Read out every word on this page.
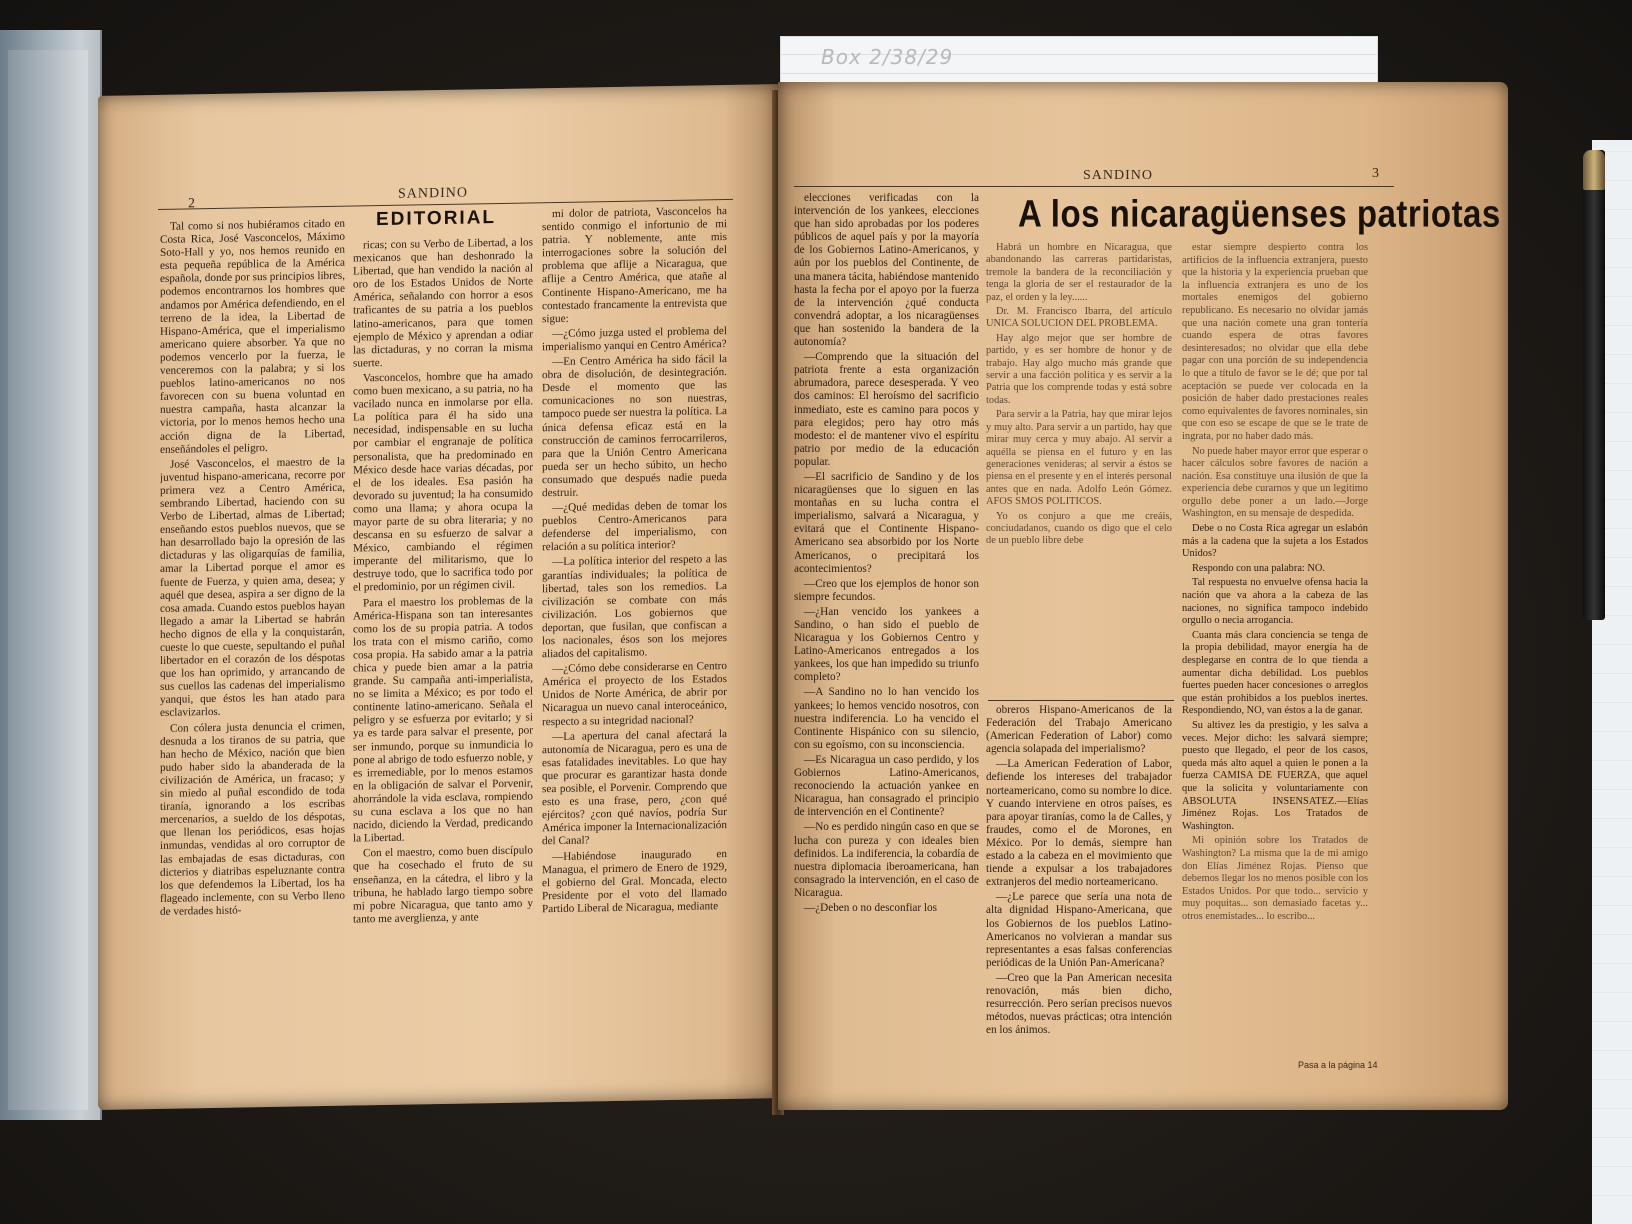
Box 2/38/29
2
SANDINO

Tal como si nos hubiéramos citado en Costa Rica, José Vasconcelos, Máximo Soto-Hall y yo, nos hemos reunido en esta pequeña república de la América española, donde por sus principios libres, podemos encontrarnos los hombres que andamos por América defendiendo, en el terreno de la idea, la Libertad de Hispano-América, que el imperialismo americano quiere absorber. Ya que no podemos vencerlo por la fuerza, le venceremos con la palabra; y si los pueblos latino-americanos no nos favorecen con su buena voluntad en nuestra campaña, hasta alcanzar la victoria, por lo menos hemos hecho una acción digna de la Libertad, enseñándoles el peligro.

José Vasconcelos, el maestro de la juventud hispano-americana, recorre por primera vez a Centro América, sembrando Libertad, haciendo con su Verbo de Libertad, almas de Libertad; enseñando estos pueblos nuevos, que se han desarrollado bajo la opresión de las dictaduras y las oligarquías de familia, amar la Libertad porque el amor es fuente de Fuerza, y quien ama, desea; y aquél que desea, aspira a ser digno de la cosa amada. Cuando estos pueblos hayan llegado a amar la Libertad se habrán hecho dignos de ella y la conquistarán, cueste lo que cueste, sepultando el puñal libertador en el corazón de los déspotas que los han oprimido, y arrancando de sus cuellos las cadenas del imperialismo yanqui, que éstos les han atado para esclavizarlos.

Con cólera justa denuncia el crimen, desnuda a los tiranos de su patria, que han hecho de México, nación que bien pudo haber sido la abanderada de la civilización de América, un fracaso; y sin miedo al puñal escondido de toda tiranía, ignorando a los escribas mercenarios, a sueldo de los déspotas, que llenan los periódicos, esas hojas inmundas, vendidas al oro corruptor de las embajadas de esas dictaduras, con dicterios y diatribas espeluznante contra los que defendemos la Libertad, los ha flageado inclemente, con su Verbo lleno de verdades histó-

EDITORIAL

ricas; con su Verbo de Libertad, a los mexicanos que han deshonrado la Libertad, que han vendido la nación al oro de los Estados Unidos de Norte América, señalando con horror a esos traficantes de su patria a los pueblos latino-americanos, para que tomen ejemplo de México y aprendan a odiar las dictaduras, y no corran la misma suerte.

Vasconcelos, hombre que ha amado como buen mexicano, a su patria, no ha vacilado nunca en inmolarse por ella. La política para él ha sido una necesidad, indispensable en su lucha por cambiar el engranaje de política personalista, que ha predominado en México desde hace varias décadas, por el de los ideales. Esa pasión ha devorado su juventud; la ha consumido como una llama; y ahora ocupa la mayor parte de su obra literaria; y no descansa en su esfuerzo de salvar a México, cambiando el régimen imperante del militarismo, que lo destruye todo, que lo sacrifica todo por el predominio, por un régimen civil.

Para el maestro los problemas de la América-Hispana son tan interesantes como los de su propia patria. A todos los trata con el mismo cariño, como cosa propia. Ha sabido amar a la patria chica y puede bien amar a la patria grande. Su campaña anti-imperialista, no se limita a México; es por todo el continente latino-americano. Señala el peligro y se esfuerza por evitarlo; y si ya es tarde para salvar el presente, por ser inmundo, porque su inmundicia lo pone al abrigo de todo esfuerzo noble, y es irremediable, por lo menos estamos en la obligación de salvar el Porvenir, ahorrándole la vida esclava, rompiendo su cuna esclava a los que no han nacido, diciendo la Verdad, predicando la Libertad.

Con el maestro, como buen discípulo que ha cosechado el fruto de su enseñanza, en la cátedra, el libro y la tribuna, he hablado largo tiempo sobre mi pobre Nicaragua, que tanto amo y tanto me averglienza, y ante

mi dolor de patriota, Vasconcelos ha sentido conmigo el infortunio de mi patria. Y noblemente, ante mis interrogaciones sobre la solución del problema que aflije a Nicaragua, que aflije a Centro América, que atañe al Continente Hispano-Americano, me ha contestado francamente la entrevista que sigue:

—¿Cómo juzga usted el problema del imperialismo yanqui en Centro América?

—En Centro América ha sido fácil la obra de disolución, de desintegración. Desde el momento que las comunicaciones no son nuestras, tampoco puede ser nuestra la política. La única defensa eficaz está en la construcción de caminos ferrocarrileros, para que la Unión Centro Americana pueda ser un hecho súbito, un hecho consumado que después nadie pueda destruir.

—¿Qué medidas deben de tomar los pueblos Centro-Americanos para defenderse del imperialismo, con relación a su política interior?

—La política interior del respeto a las garantías individuales; la política de libertad, tales son los remedios. La civilización se combate con más civilización. Los gobiernos que deportan, que fusilan, que confiscan a los nacionales, ésos son los mejores aliados del capitalismo.

—¿Cómo debe considerarse en Centro América el proyecto de los Estados Unidos de Norte América, de abrir por Nicaragua un nuevo canal interoceánico, respecto a su integridad nacional?

—La apertura del canal afectará la autonomía de Nicaragua, pero es una de esas fatalidades inevitables. Lo que hay que procurar es garantizar hasta donde sea posible, el Porvenir. Comprendo que esto es una frase, pero, ¿con qué ejércitos? ¿con qué navíos, podría Sur América imponer la Internacionalización del Canal?

—Habiéndose inaugurado en Managua, el primero de Enero de 1929, el gobierno del Gral. Moncada, electo Presidente por el voto del llamado Partido Liberal de Nicaragua, mediante

SANDINO	3

elecciones verificadas con la intervención de los yankees, elecciones que han sido aprobadas por los poderes públicos de aquel país y por la mayoría de los Gobiernos Latino-Americanos, y aún por los pueblos del Continente, de una manera tácita, habiéndose mantenido hasta la fecha por el apoyo por la fuerza de la intervención ¿qué conducta convendrá adoptar, a los nicaragüenses que han sostenido la bandera de la autonomía?

—Comprendo que la situación del patriota frente a esta organización abrumadora, parece desesperada. Y veo dos caminos: El heroísmo del sacrificio inmediato, este es camino para pocos y para elegidos; pero hay otro más modesto: el de mantener vivo el espíritu patrio por medio de la educación popular.

—El sacrificio de Sandino y de los nicaragüenses que lo siguen en las montañas en su lucha contra el imperialismo, salvará a Nicaragua, y evitará que el Continente Hispano-Americano sea absorbido por los Norte Americanos, o precipitará los acontecimientos?

—Creo que los ejemplos de honor son siempre fecundos.

—¿Han vencido los yankees a Sandino, o han sido el pueblo de Nicaragua y los Gobiernos Centro y Latino-Americanos entregados a los yankees, los que han impedido su triunfo completo?

—A Sandino no lo han vencido los yankees; lo hemos vencido nosotros, con nuestra indiferencia. Lo ha vencido el Continente Hispánico con su silencio, con su egoísmo, con su inconsciencia.

—Es Nicaragua un caso perdido, y los Gobiernos Latino-Americanos, reconociendo la actuación yankee en Nicaragua, han consagrado el principio de intervención en el Continente?

—No es perdido ningún caso en que se lucha con pureza y con ideales bien definidos. La indiferencia, la cobardía de nuestra diplomacia iberoamericana, han consagrado la intervención, en el caso de Nicaragua.

—¿Deben o no desconfiar los

A los nicaragüenses patriotas

Habrá un hombre en Nicaragua, que abandonando las carreras partidaristas, tremole la bandera de la reconciliación y tenga la gloria de ser el restaurador de la paz, el orden y la ley......

Dr. M. Francisco Ibarra, del artículo UNICA SOLUCION DEL PROBLEMA.

Hay algo mejor que ser hombre de partido, y es ser hombre de honor y de trabajo. Hay algo mucho más grande que servir a una facción política y es servir a la Patria que los comprende todas y está sobre todas.

Para servir a la Patria, hay que mirar lejos y muy alto. Para servir a un partido, hay que mirar muy cerca y muy abajo. Al servir a aquélla se piensa en el futuro y en las generaciones venideras; al servir a éstos se piensa en el presente y en el interés personal antes que en nada. Adolfo León Gómez. AFOS SMOS POLITICOS.

Yo os conjuro a que me creáis, conciudadanos, cuando os digo que el celo de un pueblo libre debe

obreros Hispano-Americanos de la Federación del Trabajo Americano (American Federation of Labor) como agencia solapada del imperialismo?

—La American Federation of Labor, defiende los intereses del trabajador norteamericano, como su nombre lo dice. Y cuando interviene en otros países, es para apoyar tiranías, como la de Calles, y fraudes, como el de Morones, en México. Por lo demás, siempre han estado a la cabeza en el movimiento que tiende a expulsar a los trabajadores extranjeros del medio norteamericano.

—¿Le parece que sería una nota de alta dignidad Hispano-Americana, que los Gobiernos de los pueblos Latino-Americanos no volvieran a mandar sus representantes a esas falsas conferencias periódicas de la Unión Pan-Americana?

—Creo que la Pan American necesita renovación, más bien dicho, resurrección. Pero serían precisos nuevos métodos, nuevas prácticas; otra intención en los ánimos.

estar siempre despierto contra los artificios de la influencia extranjera, puesto que la historia y la experiencia prueban que la influencia extranjera es uno de los mortales enemigos del gobierno republicano. Es necesario no olvidar jamás que una nación comete una gran tontería cuando espera de otras favores desinteresados; no olvidar que ella debe pagar con una porción de su independencia lo que a título de favor se le dé; que por tal aceptación se puede ver colocada en la posición de haber dado prestaciones reales como equivalentes de favores nominales, sin que con eso se escape de que se le trate de ingrata, por no haber dado más.

No puede haber mayor error que esperar o hacer cálculos sobre favores de nación a nación. Esa constituye una ilusión de que la experiencia debe curarnos y que un legítimo orgullo debe poner a un lado.—Jorge Washington, en su mensaje de despedida.

Debe o no Costa Rica agregar un eslabón más a la cadena que la sujeta a los Estados Unidos?

Respondo con una palabra: NO.

Tal respuesta no envuelve ofensa hacia la nación que va ahora a la cabeza de las naciones, no significa tampoco indebido orgullo o necia arrogancia.

Cuanta más clara conciencia se tenga de la propia debilidad, mayor energía ha de desplegarse en contra de lo que tienda a aumentar dicha debilidad. Los pueblos fuertes pueden hacer concesiones o arreglos que están prohibidos a los pueblos inertes. Respondiendo, NO, van éstos a la de ganar.

Su altivez les da prestigio, y les salva a veces. Mejor dicho: les salvará siempre; puesto que llegado, el peor de los casos, queda más alto aquel a quien le ponen a la fuerza CAMISA DE FUERZA, que aquel que la solicita y voluntariamente con ABSOLUTA INSENSATEZ.—Elías Jiménez Rojas. Los Tratados de Washington.

Mi opinión sobre los Tratados de Washington? La misma que la de mi amigo don Elías Jiménez Rojas. Pienso que debemos llegar los no menos posible con los Estados Unidos. Por que todo... servicio y muy poquitas... son demasiado facetas y... otros enemistades... lo escribo...

Pasa a la página 14
